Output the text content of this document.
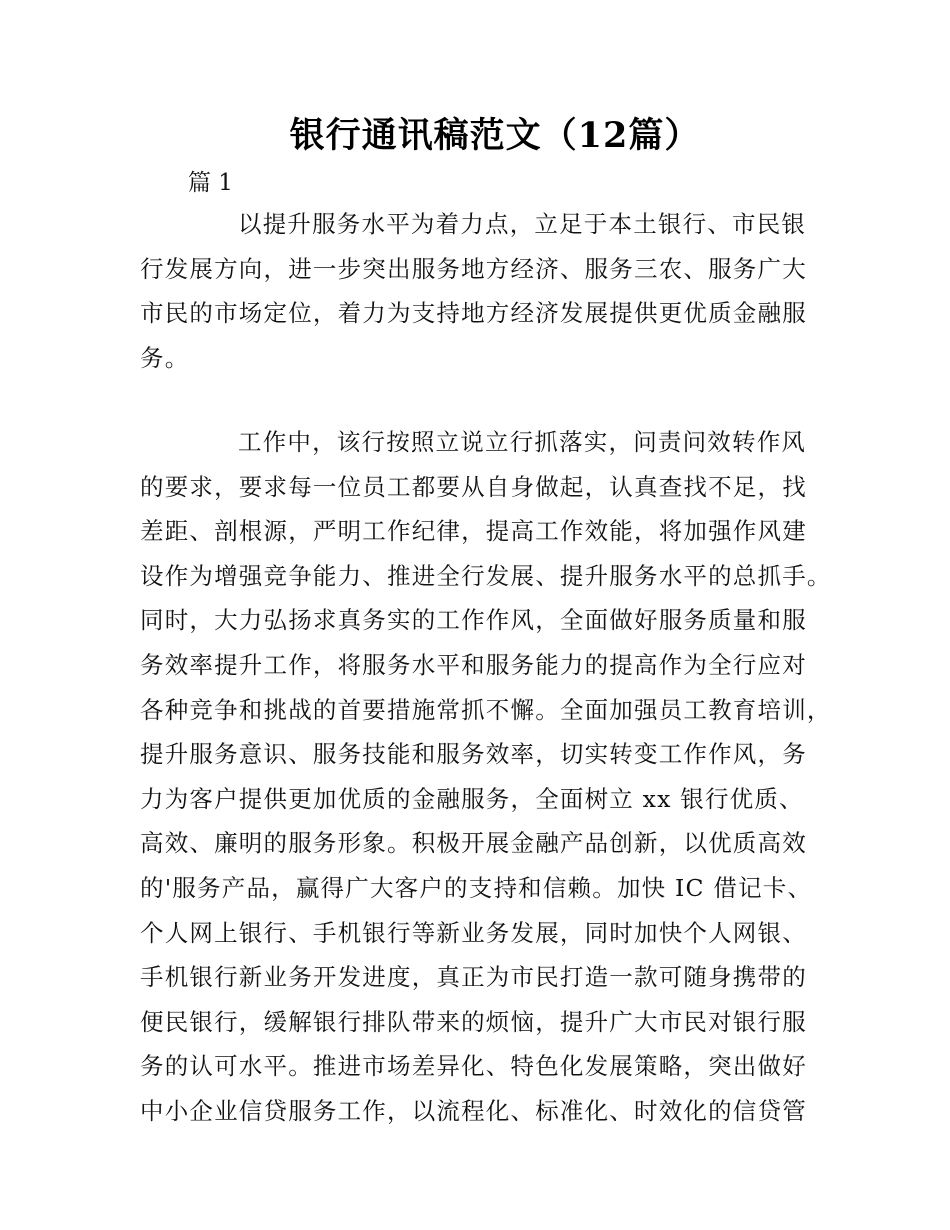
银行通讯稿范文（12篇）
篇 1
以提升服务水平为着力点，立足于本土银行、市民银
行发展方向，进一步突出服务地方经济、服务三农、服务广大
市民的市场定位，着力为支持地方经济发展提供更优质金融服
务。
工作中，该行按照立说立行抓落实，问责问效转作风
的要求，要求每一位员工都要从自身做起，认真查找不足，找
差距、剖根源，严明工作纪律，提高工作效能，将加强作风建
设作为增强竞争能力、推进全行发展、提升服务水平的总抓手。
同时，大力弘扬求真务实的工作作风，全面做好服务质量和服
务效率提升工作，将服务水平和服务能力的提高作为全行应对
各种竞争和挑战的首要措施常抓不懈。全面加强员工教育培训，
提升服务意识、服务技能和服务效率，切实转变工作作风，务
力为客户提供更加优质的金融服务，全面树立 xx 银行优质、
高效、廉明的服务形象。积极开展金融产品创新，以优质高效
的'服务产品，赢得广大客户的支持和信赖。加快 IC 借记卡、
个人网上银行、手机银行等新业务发展，同时加快个人网银、
手机银行新业务开发进度，真正为市民打造一款可随身携带的
便民银行，缓解银行排队带来的烦恼，提升广大市民对银行服
务的认可水平。推进市场差异化、特色化发展策略，突出做好
中小企业信贷服务工作，以流程化、标准化、时效化的信贷管
